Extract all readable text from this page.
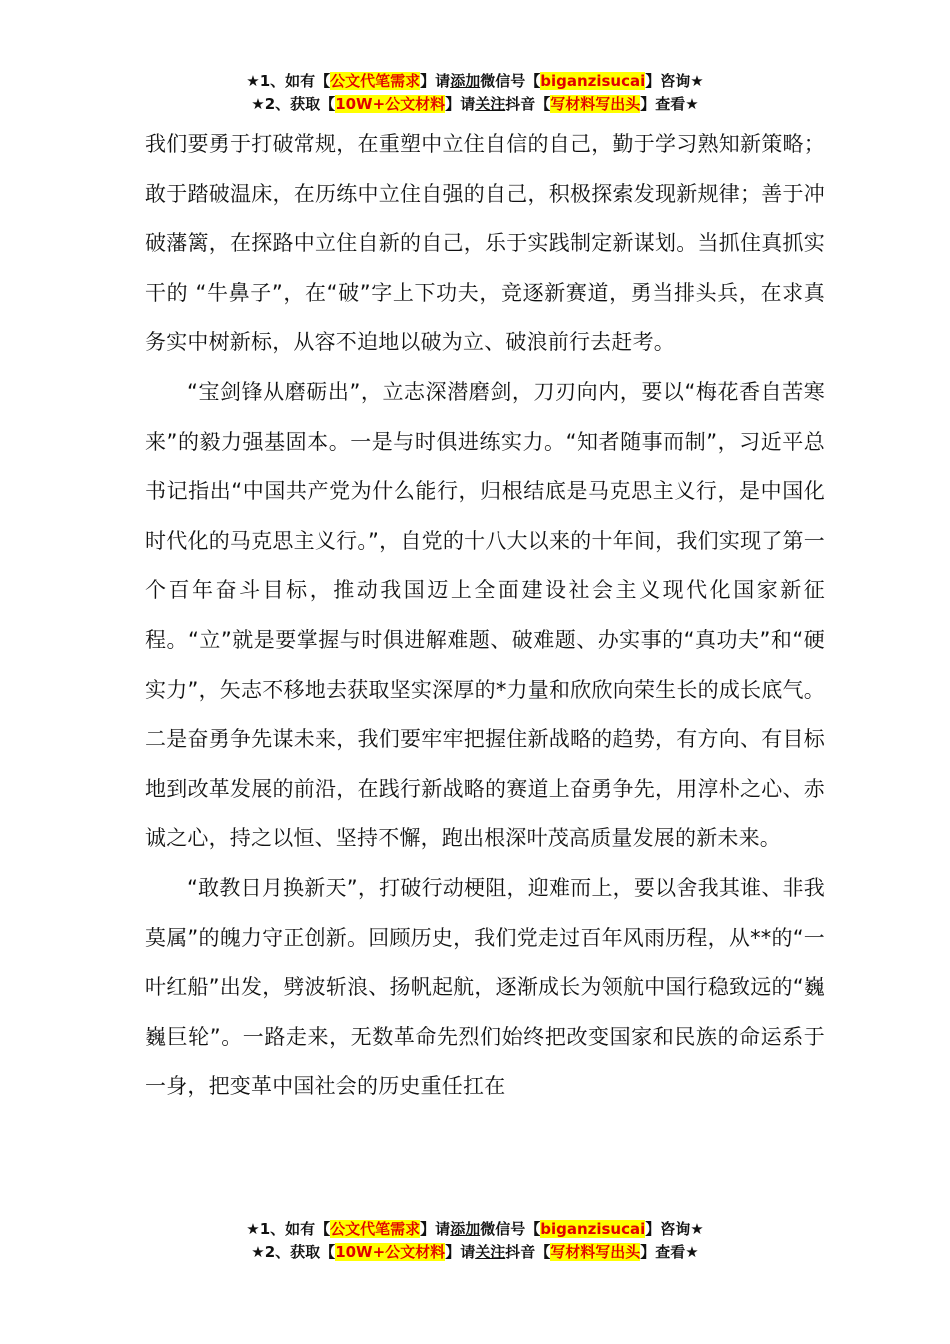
★1、如有【公文代笔需求】请添加微信号【biganzisucai】咨询★
★2、获取【10W+公文材料】请关注抖音【写材料写出头】查看★

我们要勇于打破常规，在重塑中立住自信的自己，勤于学习熟知新策略；敢于踏破温床，在历练中立住自强的自己，积极探索发现新规律；善于冲破藩篱，在探路中立住自新的自己，乐于实践制定新谋划。当抓住真抓实干的 “牛鼻子”，在“破”字上下功夫，竞逐新赛道，勇当排头兵，在求真务实中树新标，从容不迫地以破为立、破浪前行去赶考。

“宝剑锋从磨砺出”，立志深潜磨剑，刀刃向内，要以“梅花香自苦寒来”的毅力强基固本。一是与时俱进练实力。“知者随事而制”，习近平总书记指出“中国共产党为什么能行，归根结底是马克思主义行，是中国化时代化的马克思主义行。”，自党的十八大以来的十年间，我们实现了第一个百年奋斗目标，推动我国迈上全面建设社会主义现代化国家新征程。“立”就是要掌握与时俱进解难题、破难题、办实事的“真功夫”和“硬实力”，矢志不移地去获取坚实深厚的*力量和欣欣向荣生长的成长底气。二是奋勇争先谋未来，我们要牢牢把握住新战略的趋势，有方向、有目标地到改革发展的前沿，在践行新战略的赛道上奋勇争先，用淳朴之心、赤诚之心，持之以恒、坚持不懈，跑出根深叶茂高质量发展的新未来。

“敢教日月换新天”，打破行动梗阻，迎难而上，要以舍我其谁、非我莫属”的魄力守正创新。回顾历史，我们党走过百年风雨历程，从**的“一叶红船”出发，劈波斩浪、扬帆起航，逐渐成长为领航中国行稳致远的“巍巍巨轮”。一路走来，无数革命先烈们始终把改变国家和民族的命运系于一身，把变革中国社会的历史重任扛在

★1、如有【公文代笔需求】请添加微信号【biganzisucai】咨询★
★2、获取【10W+公文材料】请关注抖音【写材料写出头】查看★
